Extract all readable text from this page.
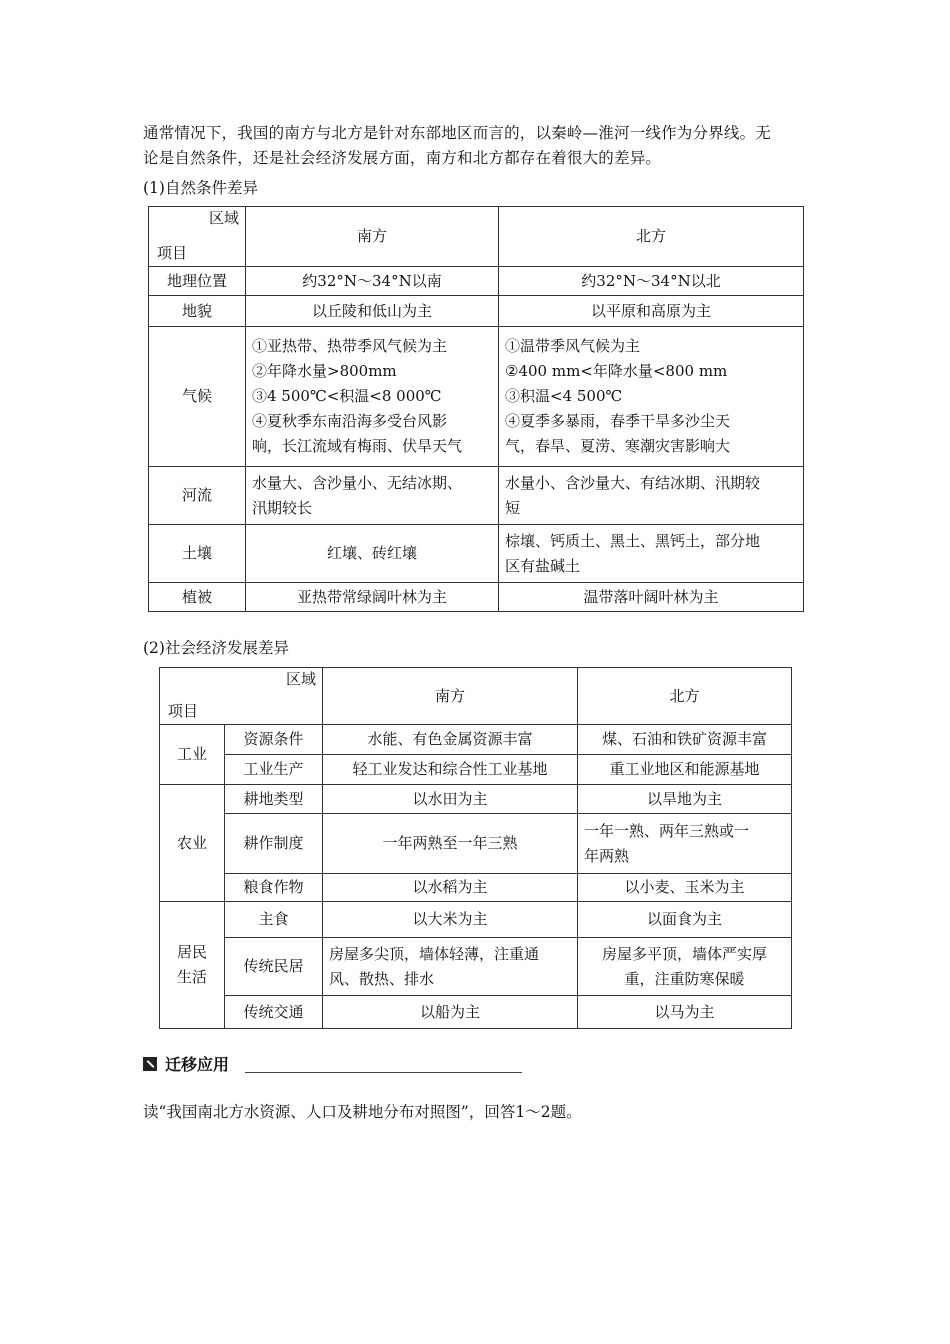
通常情况下，我国的南方与北方是针对东部地区而言的，以秦岭—淮河一线作为分界线。无
论是自然条件，还是社会经济发展方面，南方和北方都存在着很大的差异。
(1)自然条件差异
区域
项目	南方	北方
地理位置	约32°N～34°N以南	约32°N～34°N以北
地貌	以丘陵和低山为主	以平原和高原为主
气候	①亚热带、热带季风气候为主
②年降水量>800mm
③4 500℃<积温<8 000℃
④夏秋季东南沿海多受台风影
响，长江流域有梅雨、伏旱天气	①温带季风气候为主
②400 mm<年降水量<800 mm
③积温<4 500℃
④夏季多暴雨，春季干旱多沙尘天
气，春旱、夏涝、寒潮灾害影响大

河流	水量大、含沙量小、无结冰期、
汛期较长	水量小、含沙量大、有结冰期、汛期较
短

土壤	红壤、砖红壤	棕壤、钙质土、黑土、黑钙土，部分地
区有盐碱土

植被	亚热带常绿阔叶林为主	温带落叶阔叶林为主
(2)社会经济发展差异
区域
项目		南方	北方
工业	资源条件	水能、有色金属资源丰富	煤、石油和铁矿资源丰富
	工业生产	轻工业发达和综合性工业基地	重工业地区和能源基地
农业	耕地类型	以水田为主	以旱地为主
	耕作制度	一年两熟至一年三熟	一年一熟、两年三熟或一
年两熟

	粮食作物	以水稻为主	以小麦、玉米为主

居民
生活	主食	以大米为主	以面食为主
	传统民居	房屋多尖顶，墙体轻薄，注重通
风、散热、排水	房屋多平顶，墙体严实厚
重，注重防寒保暖

	传统交通	以船为主	以马为主
迁移应用
读“我国南北方水资源、人口及耕地分布对照图”，回答1～2题。
